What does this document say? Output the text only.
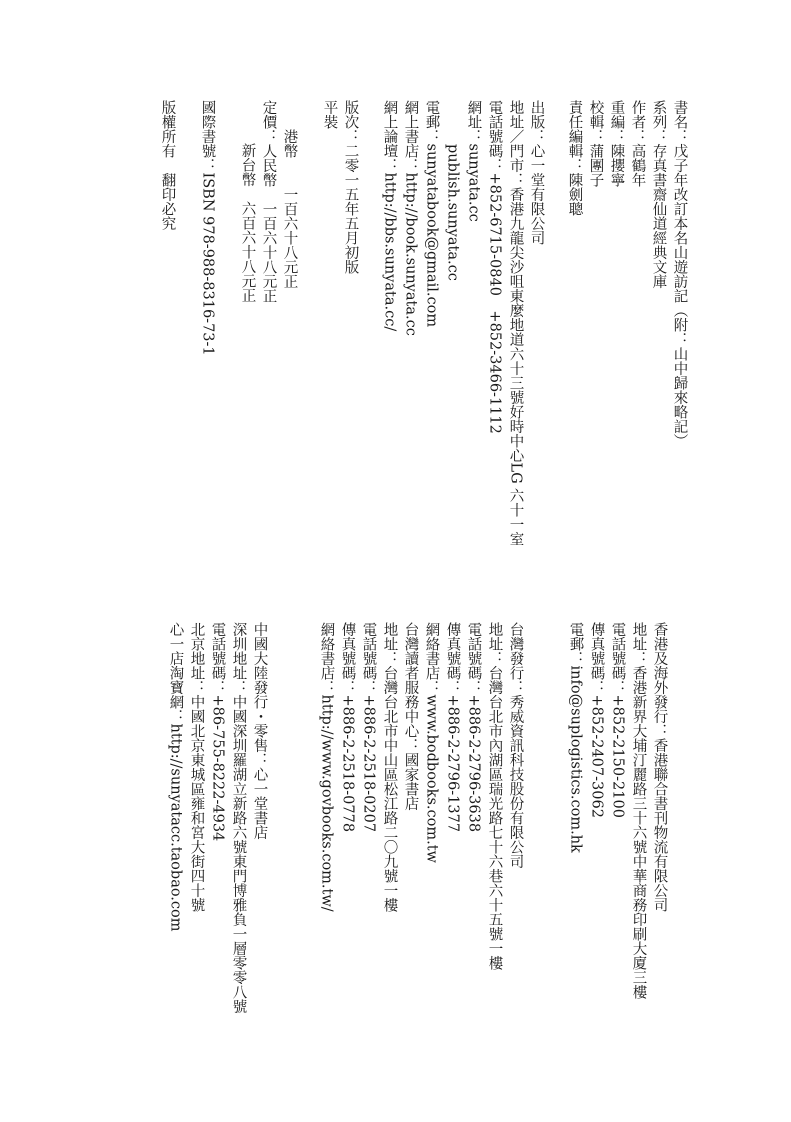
書名：戊子年改訂本名山遊訪記（附：山中歸來略記）

系列：存真書齋仙道經典文庫

作者：高鶴年

重編：陳攖寧

校輯：蒲團子

責任編輯：陳劍聰

出版：心一堂有限公司

地址／門市：香港九龍尖沙咀東麼地道六十三號好時中心LG 六十一室

電話號碼：+852-6715-0840　+852-3466-1112

網址：sunyata.cc

publish.sunyata.cc

電郵：sunyatabook@gmail.com

網上書店：http://book.sunyata.cc

網上論壇：http://bbs.sunyata.cc/

版次：二零一五年五月初版

平裝

港幣　　一百六十八元正

定價：人民幣　一百六十八元正

新台幣　六百六十八元正

國際書號：ISBN 978-988-8316-73-1

版權所有　翻印必究

香港及海外發行：香港聯合書刊物流有限公司

地址：香港新界大埔汀麗路三十六號中華商務印刷大廈三樓

電話號碼：+852-2150-2100

傳真號碼：+852-2407-3062

電郵：info@suplogistics.com.hk

台灣發行：秀威資訊科技股份有限公司

地址：台灣台北市內湖區瑞光路七十六巷六十五號一樓

電話號碼：+886-2-2796-3638

傳真號碼：+886-2-2796-1377

網絡書店：www.bodbooks.com.tw

台灣讀者服務中心：國家書店

地址：台灣台北市中山區松江路二〇九號一樓

電話號碼：+886-2-2518-0207

傳真號碼：+886-2-2518-0778

網絡書店：http://www.govbooks.com.tw/

中國大陸發行・零售：心一堂書店

深圳地址：中國深圳羅湖立新路六號東門博雅負一層零零八號

電話號碼：+86-755-8222-4934

北京地址：中國北京東城區雍和宮大街四十號

心一店淘寶網：http://sunyatacc.taobao.com
